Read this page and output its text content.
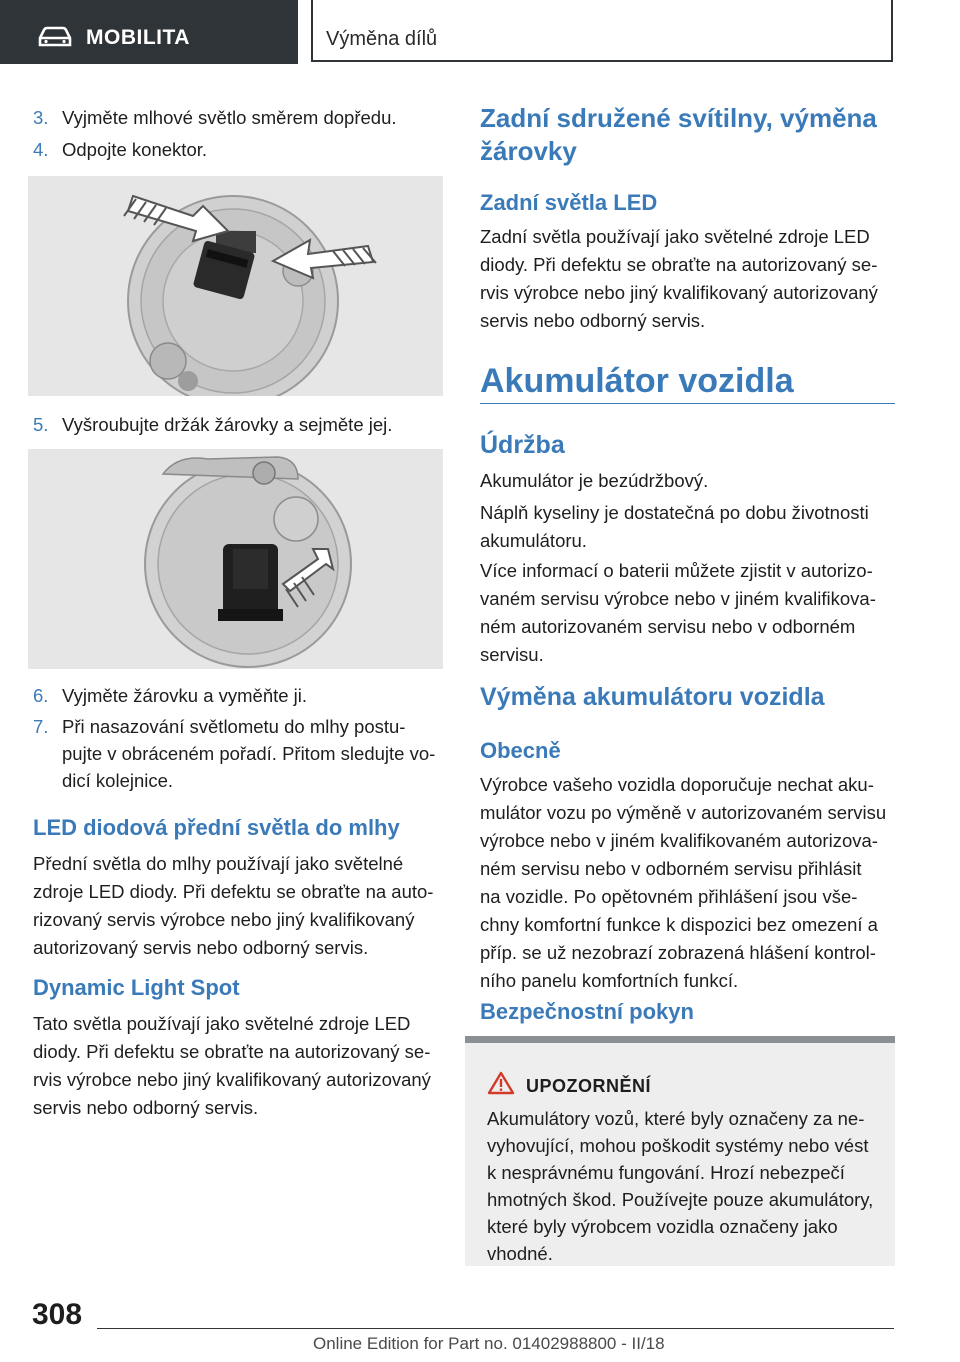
MOBILITA	Výměna dílů
3. Vyjměte mlhové světlo směrem dopředu.
4. Odpojte konektor.
5. Vyšroubujte držák žárovky a sejměte jej.
6. Vyjměte žárovku a vyměňte ji.
7. Při nasazování světlometu do mlhy postu-
pujte v obráceném pořadí. Přitom sledujte vo-
dicí kolejnice.
LED diodová přední světla do mlhy
Přední světla do mlhy používají jako světelné
zdroje LED diody. Při defektu se obraťte na auto-
rizovaný servis výrobce nebo jiný kvalifikovaný
autorizovaný servis nebo odborný servis.
Dynamic Light Spot
Tato světla používají jako světelné zdroje LED
diody. Při defektu se obraťte na autorizovaný se-
rvis výrobce nebo jiný kvalifikovaný autorizovaný
servis nebo odborný servis.
Zadní sdružené svítilny, výměna
žárovky
Zadní světla LED
Zadní světla používají jako světelné zdroje LED
diody. Při defektu se obraťte na autorizovaný se-
rvis výrobce nebo jiný kvalifikovaný autorizovaný
servis nebo odborný servis.
Akumulátor vozidla
Údržba
Akumulátor je bezúdržbový.
Náplň kyseliny je dostatečná po dobu životnosti
akumulátoru.
Více informací o baterii můžete zjistit v autorizo-
vaném servisu výrobce nebo v jiném kvalifikova-
ném autorizovaném servisu nebo v odborném
servisu.
Výměna akumulátoru vozidla
Obecně
Výrobce vašeho vozidla doporučuje nechat aku-
mulátor vozu po výměně v autorizovaném servisu
výrobce nebo v jiném kvalifikovaném autorizova-
ném servisu nebo v odborném servisu přihlásit
na vozidle. Po opětovném přihlášení jsou vše-
chny komfortní funkce k dispozici bez omezení a
příp. se už nezobrazí zobrazená hlášení kontrol-
ního panelu komfortních funkcí.
Bezpečnostní pokyn
UPOZORNĚNÍ
Akumulátory vozů, které byly označeny za ne-
vyhovující, mohou poškodit systémy nebo vést
k nesprávnému fungování. Hrozí nebezpečí
hmotných škod. Používejte pouze akumulátory,
které byly výrobcem vozidla označeny jako
vhodné.
308
Online Edition for Part no. 01402988800 - II/18
